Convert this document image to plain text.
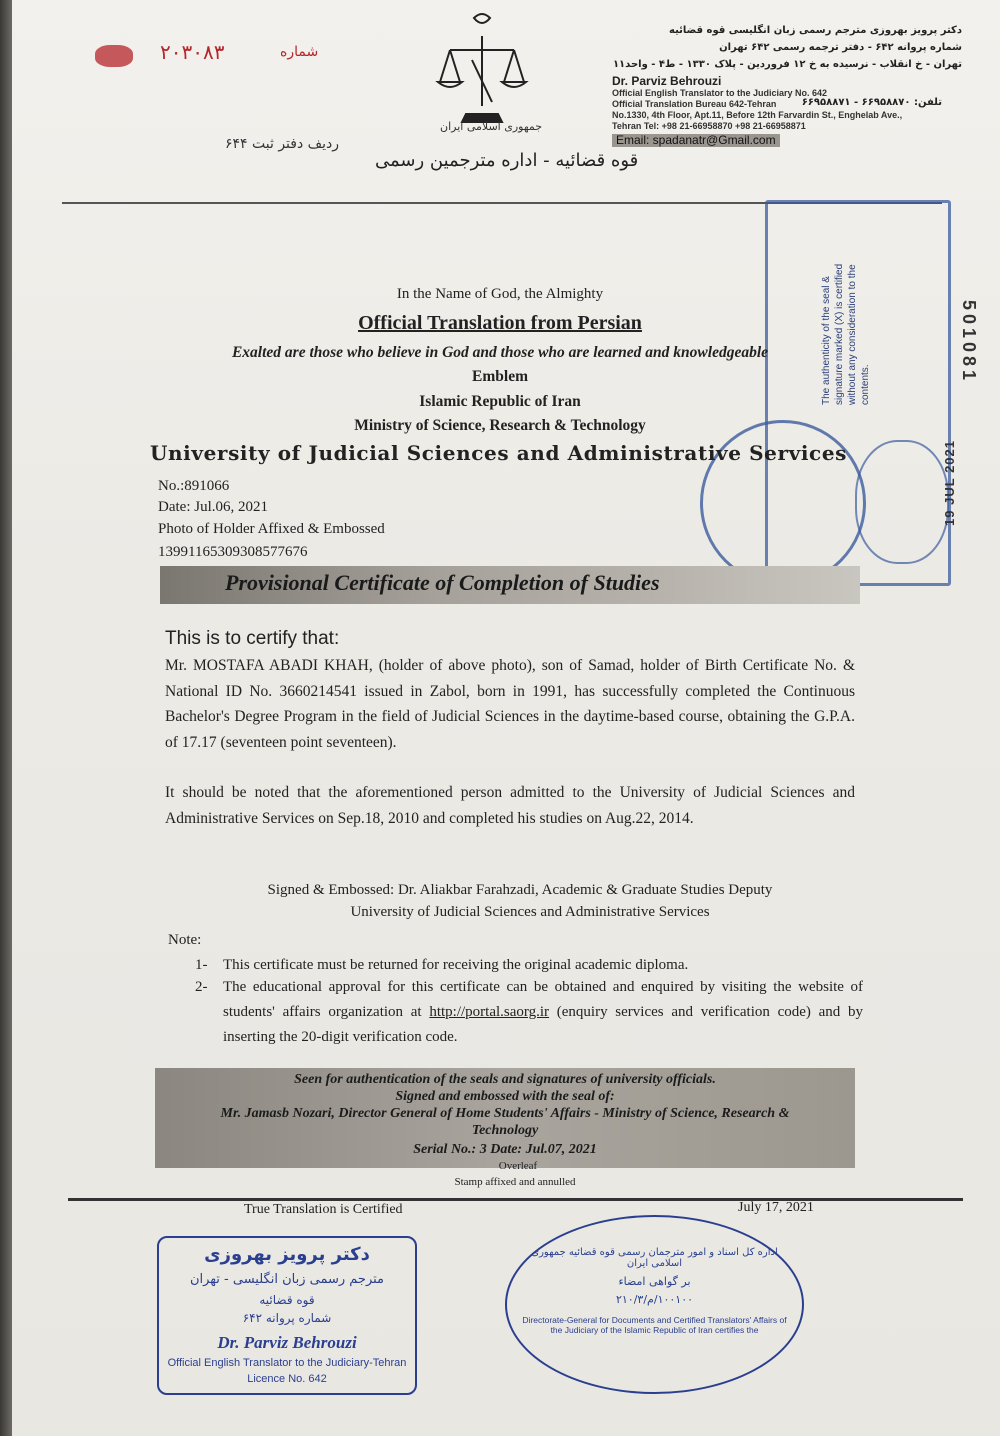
۲۰۳۰۸۳	شماره
ردیف دفتر ثبت ۶۴۴
جمهوری اسلامی ایران
قوه قضائیه - اداره مترجمین رسمی
دکتر پرویز بهروزی مترجم رسمی زبان انگلیسی قوه قضائیه
شماره پروانه ۶۴۲ - دفتر ترجمه رسمی ۶۴۲ تهران
تهران - خ انقلاب - نرسیده به خ ۱۲ فروردین - پلاک ۱۳۳۰ - ط۴ - واحد۱۱
Dr. Parviz Behrouzi
تلفن: ۶۶۹۵۸۸۷۰ - ۶۶۹۵۸۸۷۱
Official English Translator to the Judiciary No. 642
Official Translation Bureau 642-Tehran
No.1330, 4th Floor, Apt.11, Before 12th Farvardin St., Enghelab Ave.,
Tehran Tel: +98 21-66958870 +98 21-66958871
Email: spadanatr@Gmail.com
The authenticity of the seal & signature marked (X) is certified without any consideration to the contents.
501081
19 JUL 2021
In the Name of God, the Almighty
Official Translation from Persian
Exalted are those who believe in God and those who are learned and knowledgeable
Emblem
Islamic Republic of Iran
Ministry of Science, Research & Technology
University of Judicial Sciences and Administrative Services
No.:891066
Date: Jul.06, 2021
Photo of Holder Affixed & Embossed
13991165309308577676
Provisional Certificate of Completion of Studies
This is to certify that:
Mr. MOSTAFA ABADI KHAH, (holder of above photo), son of Samad, holder of Birth Certificate No. & National ID No. 3660214541 issued in Zabol, born in 1991, has successfully completed the Continuous Bachelor's Degree Program in the field of Judicial Sciences in the daytime-based course, obtaining the G.P.A. of 17.17 (seventeen point seventeen).
It should be noted that the aforementioned person admitted to the University of Judicial Sciences and Administrative Services on Sep.18, 2010 and completed his studies on Aug.22, 2014.
Signed & Embossed: Dr. Aliakbar Farahzadi, Academic & Graduate Studies Deputy
University of Judicial Sciences and Administrative Services
Note:
1- This certificate must be returned for receiving the original academic diploma.
2- The educational approval for this certificate can be obtained and enquired by visiting the website of students' affairs organization at http://portal.saorg.ir (enquiry services and verification code) and by inserting the 20-digit verification code.
Seen for authentication of the seals and signatures of university officials.
Signed and embossed with the seal of:
Mr. Jamasb Nozari, Director General of Home Students' Affairs - Ministry of Science, Research &
Technology
Serial No.: 3 Date: Jul.07, 2021
Overleaf
Stamp affixed and annulled
True Translation is Certified	July 17, 2021
دکتر پرویز بهروزی
مترجم رسمی زبان انگلیسی - تهران
قوه قضائیه
شماره پروانه ۶۴۲
Dr. Parviz Behrouzi
Official English Translator to the Judiciary-Tehran
Licence No. 642
اداره کل اسناد و امور مترجمان رسمی قوه قضائیه جمهوری اسلامی ایران
بر گواهی امضاء
۱۰۰۱۰۰/م/۲۱۰/۳
Directorate-General for Documents and Certified Translators' Affairs of the Judiciary of the Islamic Republic of Iran certifies the
